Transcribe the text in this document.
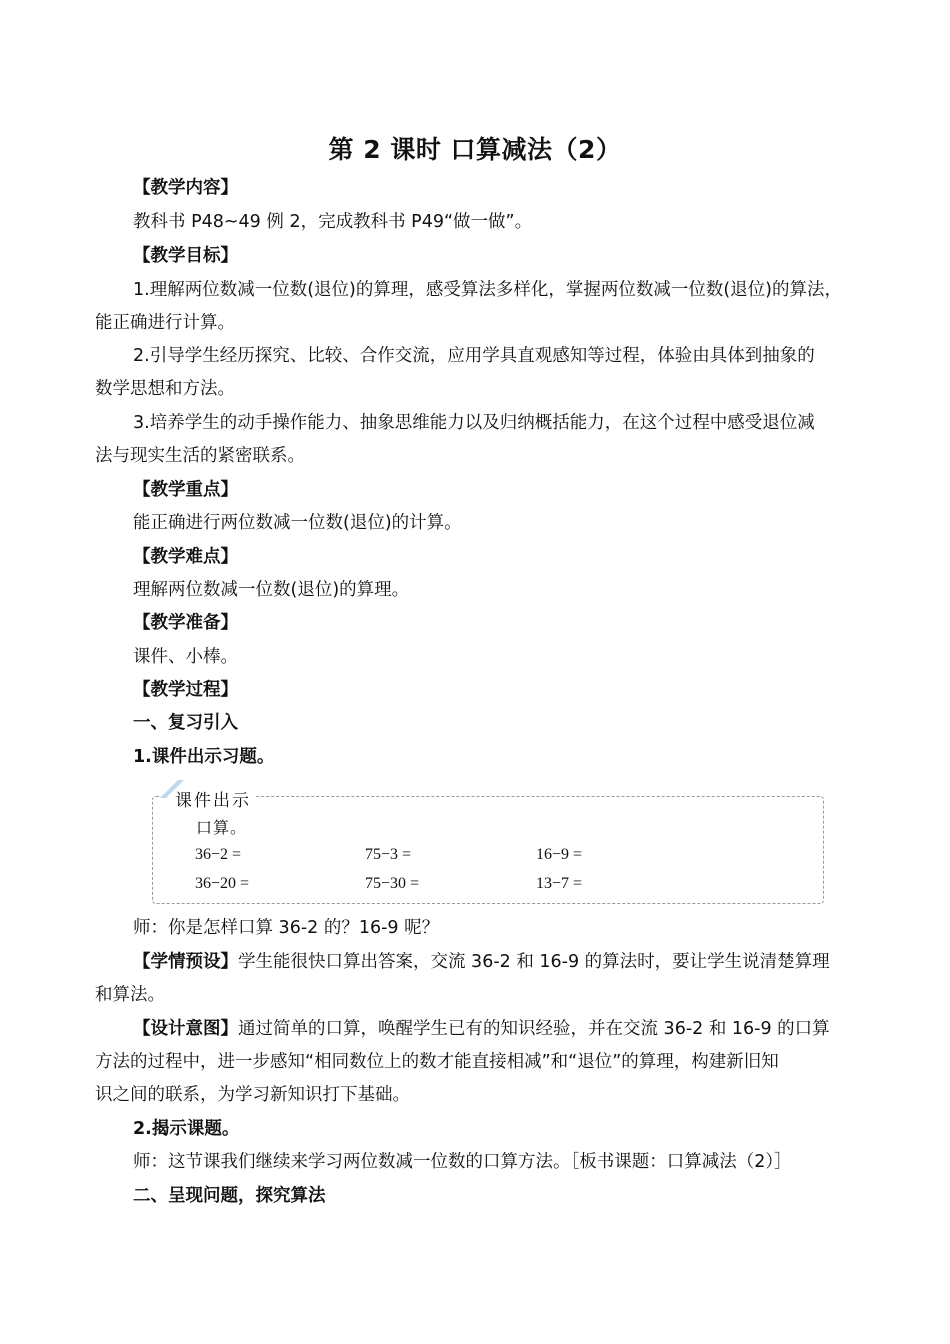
第 2 课时 口算减法（2）
【教学内容】
教科书 P48~49 例 2，完成教科书 P49“做一做”。
【教学目标】
1.理解两位数减一位数(退位)的算理，感受算法多样化，掌握两位数减一位数(退位)的算法，
能正确进行计算。
2.引导学生经历探究、比较、合作交流，应用学具直观感知等过程，体验由具体到抽象的
数学思想和方法。
3.培养学生的动手操作能力、抽象思维能力以及归纳概括能力，在这个过程中感受退位减
法与现实生活的紧密联系。
【教学重点】
能正确进行两位数减一位数(退位)的计算。
【教学难点】
理解两位数减一位数(退位)的算理。
【教学准备】
课件、小棒。
【教学过程】
一、复习引入
1.课件出示习题。
课件出示
口算。
36−2 =	75−3 =	16−9 =
36−20 =	75−30 =	13−7 =
师：你是怎样口算 36-2 的？16-9 呢？
【学情预设】学生能很快口算出答案，交流 36-2 和 16-9 的算法时，要让学生说清楚算理
和算法。
【设计意图】通过简单的口算，唤醒学生已有的知识经验，并在交流 36-2 和 16-9 的口算
方法的过程中，进一步感知“相同数位上的数才能直接相减”和“退位”的算理，构建新旧知
识之间的联系，为学习新知识打下基础。
2.揭示课题。
师：这节课我们继续来学习两位数减一位数的口算方法。［板书课题：口算减法（2）］
二、呈现问题，探究算法
